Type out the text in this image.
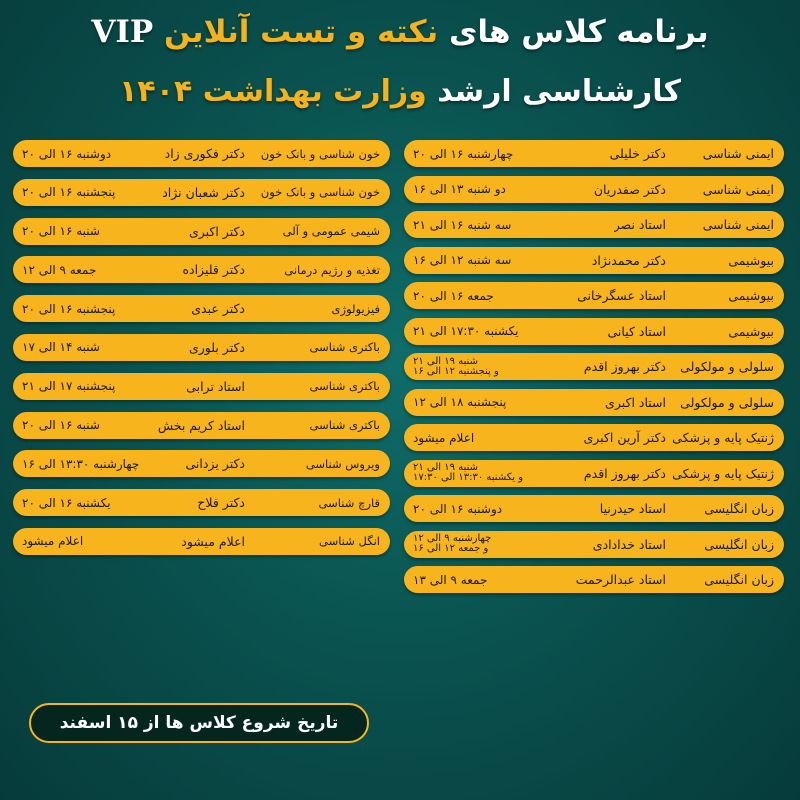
برنامه کلاس های نکته و تست آنلاین VIP
کارشناسی ارشد وزارت بهداشت ۱۴۰۴
ایمنی شناسی
دکتر خلیلی
چهارشنبه ۱۶ الی ۲۰
ایمنی شناسی
دکتر صفدریان
دو شنبه ۱۳ الی ۱۶
ایمنی شناسی
استاد نصر
سه شنبه ۱۶ الی ۲۱
بیوشیمی
دکتر محمدنژاد
سه شنبه ۱۲ الی ۱۶
بیوشیمی
استاد عسگرخانی
جمعه ۱۶ الی ۲۰
بیوشیمی
استاد کیانی
یکشنبه ۱۷:۳۰ الی ۲۱
سلولی و مولکولی
دکتر بهروز اقدم
شنبه ۱۹ الی ۲۱
و پنجشنبه ۱۲ الی ۱۶
سلولی و مولکولی
استاد اکبری
پنجشنبه ۱۸ الی ۱۲
ژنتیک پایه و پزشکی
دکتر آرین اکبری
اعلام میشود
ژنتیک پایه و پزشکی
دکتر بهروز اقدم
شنبه ۱۹ الی ۲۱
و یکشنبه ۱۳:۳۰ الی ۱۷:۳۰
زبان انگلیسی
استاد حیدرنیا
دوشنبه ۱۶ الی ۲۰
زبان انگلیسی
استاد خدادادی
چهارشنبه ۹ الی ۱۲
و جمعه ۱۲ الی ۱۶
زبان انگلیسی
استاد عبدالرحمت
جمعه ۹ الی ۱۳
خون شناسی و بانک خون
دکتر فکوری زاد
دوشنبه ۱۶ الی ۲۰
خون شناسی و بانک خون
دکتر شعبان نژاد
پنجشنبه ۱۶ الی ۲۰
شیمی عمومی و آلی
دکتر اکبری
شنبه ۱۶ الی ۲۰
تغذیه و رژیم درمانی
دکتر قلیزاده
جمعه ۹ الی ۱۲
فیزیولوژی
دکتر عبدی
پنجشنبه ۱۶ الی ۲۰
باکتری شناسی
دکتر بلوری
شنبه ۱۴ الی ۱۷
باکتری شناسی
استاد ترابی
پنجشنبه ۱۷ الی ۲۱
باکتری شناسی
استاد کریم بخش
شنبه ۱۶ الی ۲۰
ویروس شناسی
دکتر یزدانی
چهارشنبه ۱۳:۳۰ الی ۱۶
قارچ شناسی
دکتر فلاح
یکشنبه ۱۶ الی ۲۰
انگل شناسی
اعلام میشود
اعلام میشود
تاریخ شروع کلاس ها از ۱۵ اسفند
